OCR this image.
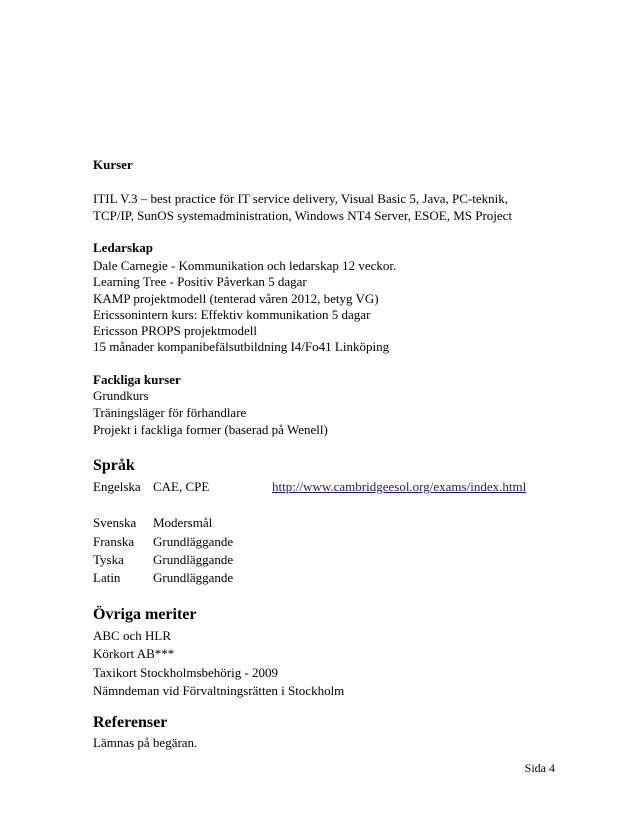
Kurser
ITIL V.3 – best practice för IT service delivery, Visual Basic 5, Java, PC-teknik,
TCP/IP, SunOS systemadministration, Windows NT4 Server, ESOE, MS Project
Ledarskap
Dale Carnegie - Kommunikation och ledarskap 12 veckor.
Learning Tree - Positiv Påverkan 5 dagar
KAMP projektmodell (tenterad våren 2012, betyg VG)
Ericssonintern kurs: Effektiv kommunikation 5 dagar
Ericsson PROPS projektmodell
15 månader kompanibefälsutbildning I4/Fo41 Linköping
Fackliga kurser
Grundkurs
Träningsläger för förhandlare
Projekt i fackliga former (baserad på Wenell)
Språk
Engelska CAE, CPE	http://www.cambridgeesol.org/exams/index.html
Svenska Modersmål
Franska Grundläggande
Tyska Grundläggande
Latin	Grundläggande
Övriga meriter
ABC och HLR
Körkort AB***
Taxikort Stockholmsbehörig - 2009
Nämndeman vid Förvaltningsrätten i Stockholm
Referenser
Lämnas på begäran.
Sida 4
